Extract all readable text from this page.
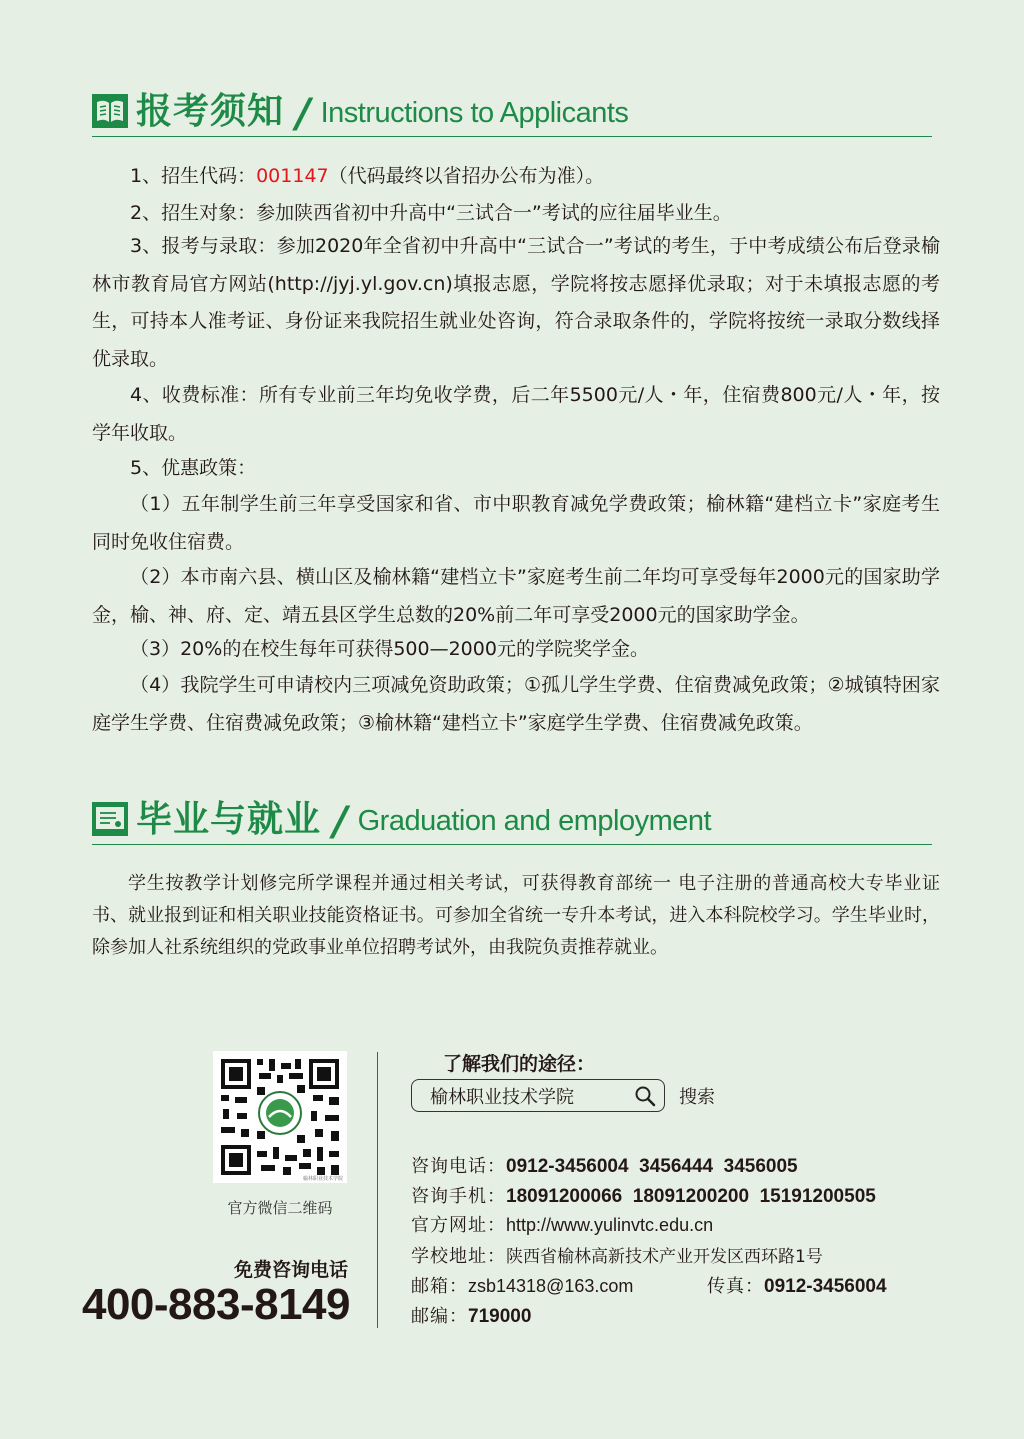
报考须知 / Instructions to Applicants

1、招生代码：001147（代码最终以省招办公布为准）。

2、招生对象：参加陕西省初中升高中“三试合一”考试的应往届毕业生。

3、报考与录取：参加2020年全省初中升高中“三试合一”考试的考生，于中考成绩公布后登录榆林市教育局官方网站(http://jyj.yl.gov.cn)填报志愿，学院将按志愿择优录取；对于未填报志愿的考生，可持本人准考证、身份证来我院招生就业处咨询，符合录取条件的，学院将按统一录取分数线择优录取。

4、收费标准：所有专业前三年均免收学费，后二年5500元/人・年，住宿费800元/人・年，按学年收取。

5、优惠政策：

（1）五年制学生前三年享受国家和省、市中职教育减免学费政策；榆林籍“建档立卡”家庭考生同时免收住宿费。

（2）本市南六县、横山区及榆林籍“建档立卡”家庭考生前二年均可享受每年2000元的国家助学金，榆、神、府、定、靖五县区学生总数的20%前二年可享受2000元的国家助学金。

（3）20%的在校生每年可获得500—2000元的学院奖学金。

（4）我院学生可申请校内三项减免资助政策；①孤儿学生学费、住宿费减免政策；②城镇特困家庭学生学费、住宿费减免政策；③榆林籍“建档立卡”家庭学生学费、住宿费减免政策。

毕业与就业 / Graduation and employment

学生按教学计划修完所学课程并通过相关考试，可获得教育部统一 电子注册的普通高校大专毕业证书、就业报到证和相关职业技能资格证书。可参加全省统一专升本考试，进入本科院校学习。学生毕业时，除参加人社系统组织的党政事业单位招聘考试外，由我院负责推荐就业。

榆林职业技术学院
官方微信二维码
免费咨询电话
400-883-8149
了解我们的途径：
榆林职业技术学院	搜索
咨询电话：0912-3456004  3456444  3456005
咨询手机：18091200066  18091200200  15191200505
官方网址：http://www.yulinvtc.edu.cn
学校地址：陕西省榆林高新技术产业开发区西环路1号
邮箱：zsb14318@163.com	传真：0912-3456004
邮编：719000
